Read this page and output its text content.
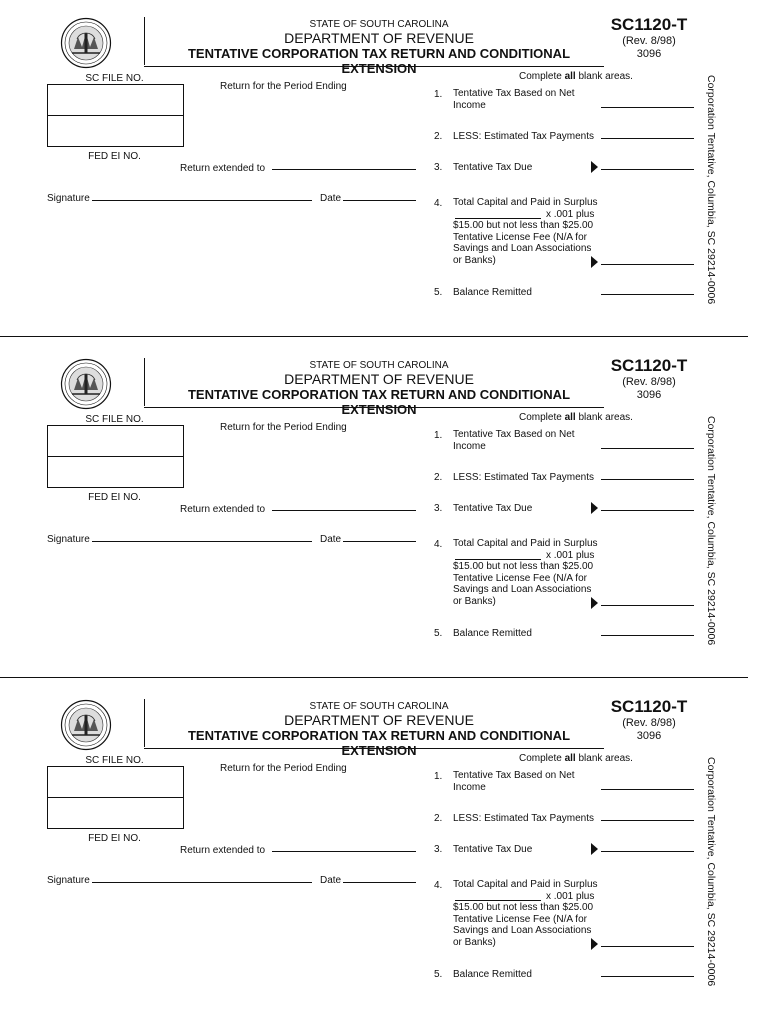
STATE OF SOUTH CAROLINA
DEPARTMENT OF REVENUE
TENTATIVE CORPORATION TAX RETURN AND CONDITIONAL EXTENSION
SC1120-T
(Rev. 8/98)
3096
SC FILE NO.
FED EI NO.
Return for the Period Ending
Return extended to
Signature	Date
Complete all blank areas.
1. Tentative Tax Based on Net
Income
2. LESS: Estimated Tax Payments
3. Tentative Tax Due
4. Total Capital and Paid in Surplus
x .001 plus
$15.00 but not less than $25.00
Tentative License Fee (N/A for
Savings and Loan Associations
or Banks)
5. Balance Remitted	Corporation Tentative, Columbia, SC 29214-0006
STATE OF SOUTH CAROLINA
DEPARTMENT OF REVENUE
TENTATIVE CORPORATION TAX RETURN AND CONDITIONAL EXTENSION
SC1120-T
(Rev. 8/98)
3096
SC FILE NO.
FED EI NO.
Return for the Period Ending
Return extended to
Signature	Date
Complete all blank areas.
1. Tentative Tax Based on Net
Income
2. LESS: Estimated Tax Payments
3. Tentative Tax Due
4. Total Capital and Paid in Surplus
x .001 plus
$15.00 but not less than $25.00
Tentative License Fee (N/A for
Savings and Loan Associations
or Banks)
5. Balance Remitted	Corporation Tentative, Columbia, SC 29214-0006
STATE OF SOUTH CAROLINA
DEPARTMENT OF REVENUE
TENTATIVE CORPORATION TAX RETURN AND CONDITIONAL EXTENSION
SC1120-T
(Rev. 8/98)
3096
SC FILE NO.
FED EI NO.
Return for the Period Ending
Return extended to
Signature	Date
Complete all blank areas.
1. Tentative Tax Based on Net
Income
2. LESS: Estimated Tax Payments
3. Tentative Tax Due
4. Total Capital and Paid in Surplus
x .001 plus
$15.00 but not less than $25.00
Tentative License Fee (N/A for
Savings and Loan Associations
or Banks)
5. Balance Remitted	Corporation Tentative, Columbia, SC 29214-0006
